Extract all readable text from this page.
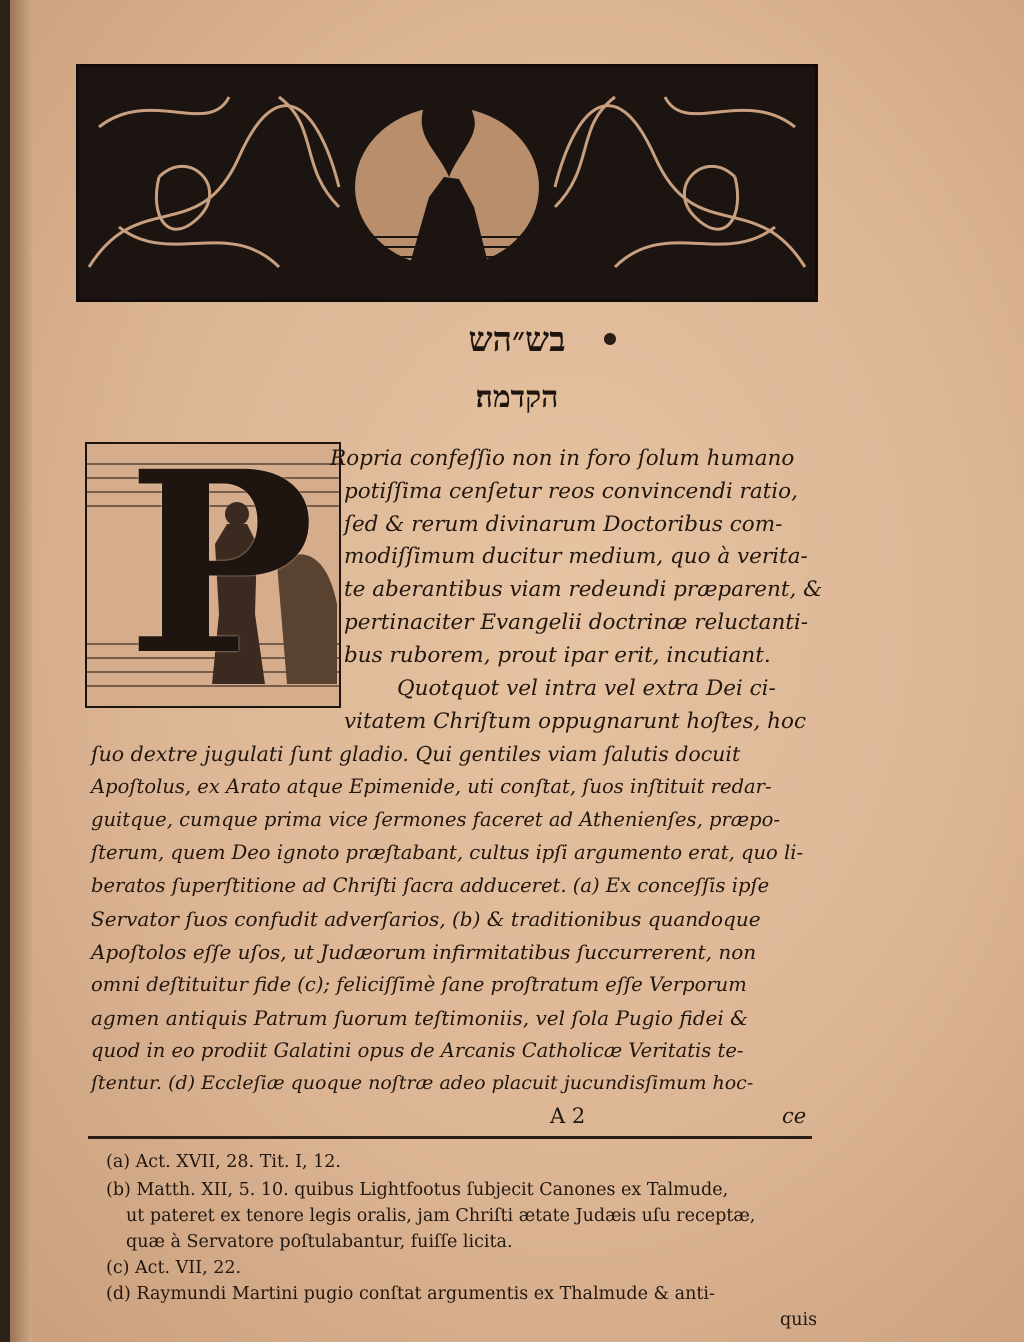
בש״הש
הקדמה׃
P Ropria confeſſio non in foro ſolum humano
potiſſima cenſetur reos convincendi ratio,
ſed & rerum divinarum Doctoribus com-
modiſſimum ducitur medium, quo à verita-
te aberantibus viam redeundi præparent, &
pertinaciter Evangelii doctrinæ reluctanti-
bus ruborem, prout ipar erit, incutiant.
Quotquot vel intra vel extra Dei ci-
vitatem Chriſtum oppugnarunt hoſtes, hoc
ſuo dextre jugulati ſunt gladio. Qui gentiles viam ſalutis docuit
Apoſtolus, ex Arato atque Epimenide, uti conſtat, ſuos inſtituit redar-
guitque, cumque prima vice ſermones faceret ad Athenienſes, præpo-
ſterum, quem Deo ignoto præſtabant, cultus ipſi argumento erat, quo li-
beratos ſuperſtitione ad Chriſti ſacra adduceret. (a) Ex conceſſis ipſe
Servator ſuos confudit adverſarios, (b) & traditionibus quandoque
Apoſtolos eſſe uſos, ut Judæorum infirmitatibus ſuccurrerent, non
omni deſtituitur fide (c); feliciſſimè ſane proſtratum eſſe Verporum
agmen antiquis Patrum ſuorum teſtimoniis, vel ſola Pugio fidei &
quod in eo prodiit Galatini opus de Arcanis Catholicæ Veritatis te-
ſtentur. (d) Eccleſiæ quoque noſtræ adeo placuit jucundisſimum hoc-
A 2	ce
(a) Act. XVII, 28. Tit. I, 12.
(b) Matth. XII, 5. 10. quibus Lightfootus ſubjecit Canones ex Talmude,
ut pateret ex tenore legis oralis, jam Chriſti ætate Judæis uſu receptæ,
quæ à Servatore poſtulabantur, fuiſſe licita.
(c) Act. VII, 22.
(d) Raymundi Martini pugio conſtat argumentis ex Thalmude & anti-
quis
